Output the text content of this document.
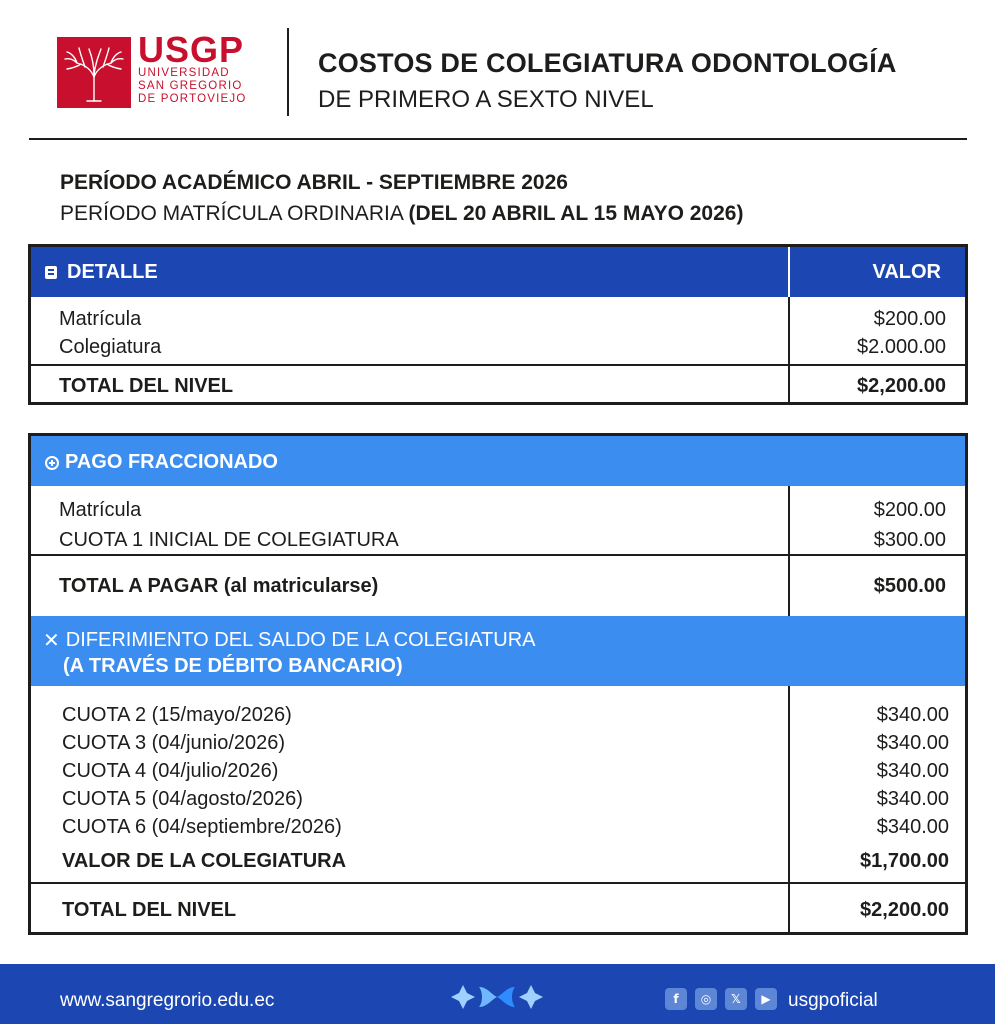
USGP
UNIVERSIDAD
SAN GREGORIO
DE PORTOVIEJO
COSTOS DE COLEGIATURA ODONTOLOGÍA
DE PRIMERO A SEXTO NIVEL
PERÍODO ACADÉMICO ABRIL - SEPTIEMBRE 2026
PERÍODO MATRÍCULA ORDINARIA (DEL 20 ABRIL AL 15 MAYO 2026)
DETALLE	VALOR
Matrícula	$200.00
Colegiatura	$2.000.00
TOTAL DEL NIVEL	$2,200.00
PAGO FRACCIONADO
Matrícula	$200.00
CUOTA 1 INICIAL DE COLEGIATURA	$300.00
TOTAL A PAGAR (al matricularse)	$500.00
✕ DIFERIMIENTO DEL SALDO DE LA COLEGIATURA
(A TRAVÉS DE DÉBITO BANCARIO)
CUOTA 2 (15/mayo/2026)	$340.00
CUOTA 3 (04/junio/2026)	$340.00
CUOTA 4 (04/julio/2026)	$340.00
CUOTA 5 (04/agosto/2026)	$340.00
CUOTA 6 (04/septiembre/2026)	$340.00
VALOR DE LA COLEGIATURA	$1,700.00
TOTAL DEL NIVEL	$2,200.00
www.sangregrorio.edu.ec	f	◎	𝕏	▶ usgpoficial
